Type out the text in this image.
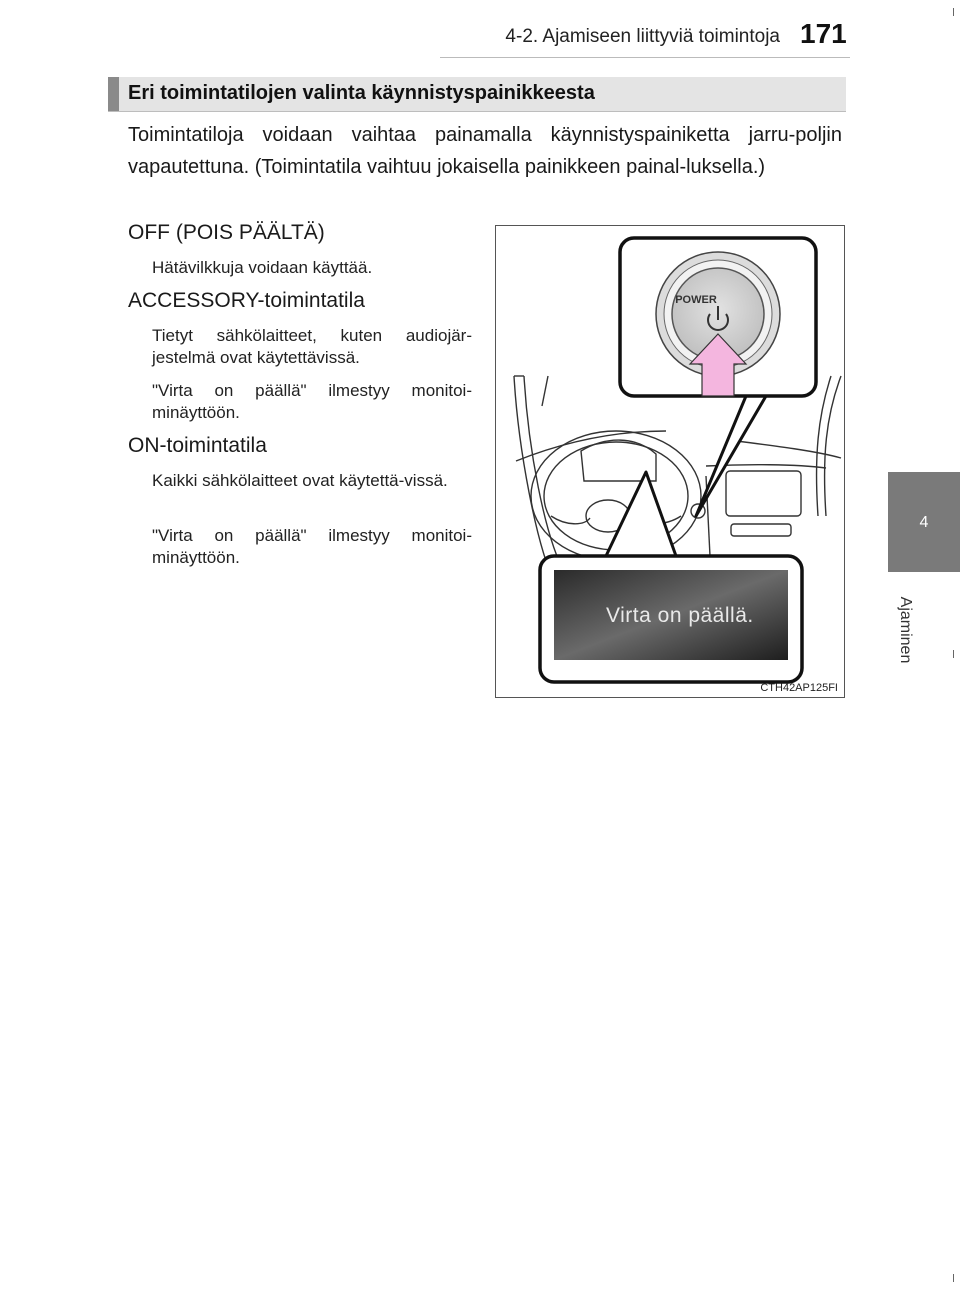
4-2. Ajamiseen liittyviä toimintoja 171
4
Ajaminen
Eri toimintatilojen valinta käynnistyspainikkeesta
Toimintatiloja voidaan vaihtaa painamalla käynnistyspainiketta jarru-poljin vapautettuna. (Toimintatila vaihtuu jokaisella painikkeen painal-luksella.)
OFF (POIS PÄÄLTÄ)
Hätävilkkuja voidaan käyttää.
ACCESSORY-toimintatila
Tietyt sähkölaitteet, kuten audiojär-jestelmä ovat käytettävissä.
"Virta on päällä" ilmestyy monitoi-minäyttöön.
ON-toimintatila
Kaikki sähkölaitteet ovat käytettä-vissä.
"Virta on päällä" ilmestyy monitoi-minäyttöön.
POWER
Virta on päällä.
CTH42AP125FI
